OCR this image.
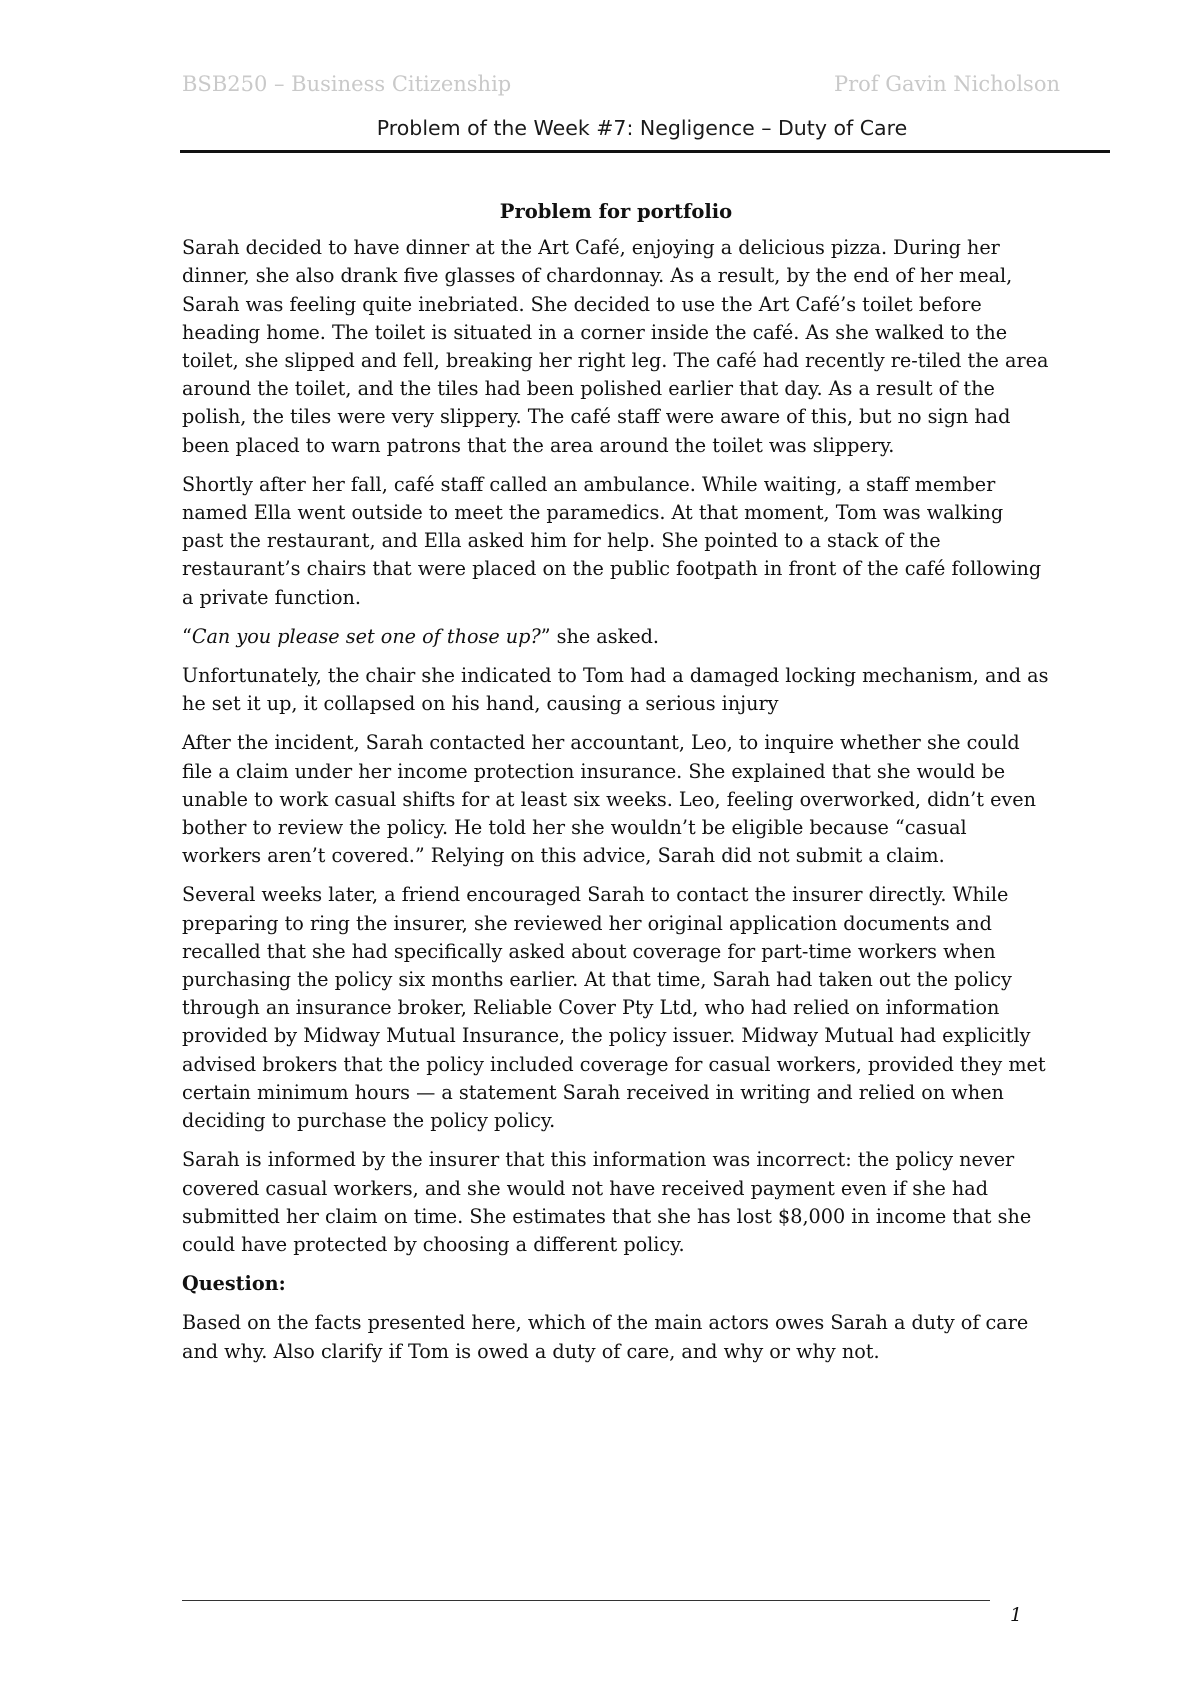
BSB250 – Business Citizenship	Prof Gavin Nicholson
Problem of the Week #7: Negligence – Duty of Care
Problem for portfolio

Sarah decided to have dinner at the Art Café, enjoying a delicious pizza. During her dinner, she also drank five glasses of chardonnay. As a result, by the end of her meal, Sarah was feeling quite inebriated. She decided to use the Art Café’s toilet before heading home. The toilet is situated in a corner inside the café. As she walked to the toilet, she slipped and fell, breaking her right leg. The café had recently re-tiled the area around the toilet, and the tiles had been polished earlier that day. As a result of the polish, the tiles were very slippery. The café staff were aware of this, but no sign had been placed to warn patrons that the area around the toilet was slippery.

Shortly after her fall, café staff called an ambulance. While waiting, a staff member named Ella went outside to meet the paramedics. At that moment, Tom was walking past the restaurant, and Ella asked him for help. She pointed to a stack of the restaurant’s chairs that were placed on the public footpath in front of the café following a private function.

“Can you please set one of those up?” she asked.

Unfortunately, the chair she indicated to Tom had a damaged locking mechanism, and as he set it up, it collapsed on his hand, causing a serious injury

After the incident, Sarah contacted her accountant, Leo, to inquire whether she could file a claim under her income protection insurance. She explained that she would be unable to work casual shifts for at least six weeks. Leo, feeling overworked, didn’t even bother to review the policy. He told her she wouldn’t be eligible because “casual workers aren’t covered.” Relying on this advice, Sarah did not submit a claim.

Several weeks later, a friend encouraged Sarah to contact the insurer directly. While preparing to ring the insurer, she reviewed her original application documents and recalled that she had specifically asked about coverage for part-time workers when purchasing the policy six months earlier. At that time, Sarah had taken out the policy through an insurance broker, Reliable Cover Pty Ltd, who had relied on information provided by Midway Mutual Insurance, the policy issuer. Midway Mutual had explicitly advised brokers that the policy included coverage for casual workers, provided they met certain minimum hours — a statement Sarah received in writing and relied on when deciding to purchase the policy policy.

Sarah is informed by the insurer that this information was incorrect: the policy never covered casual workers, and she would not have received payment even if she had submitted her claim on time. She estimates that she has lost $8,000 in income that she could have protected by choosing a different policy.

Question:

Based on the facts presented here, which of the main actors owes Sarah a duty of care and why. Also clarify if Tom is owed a duty of care, and why or why not.

1
